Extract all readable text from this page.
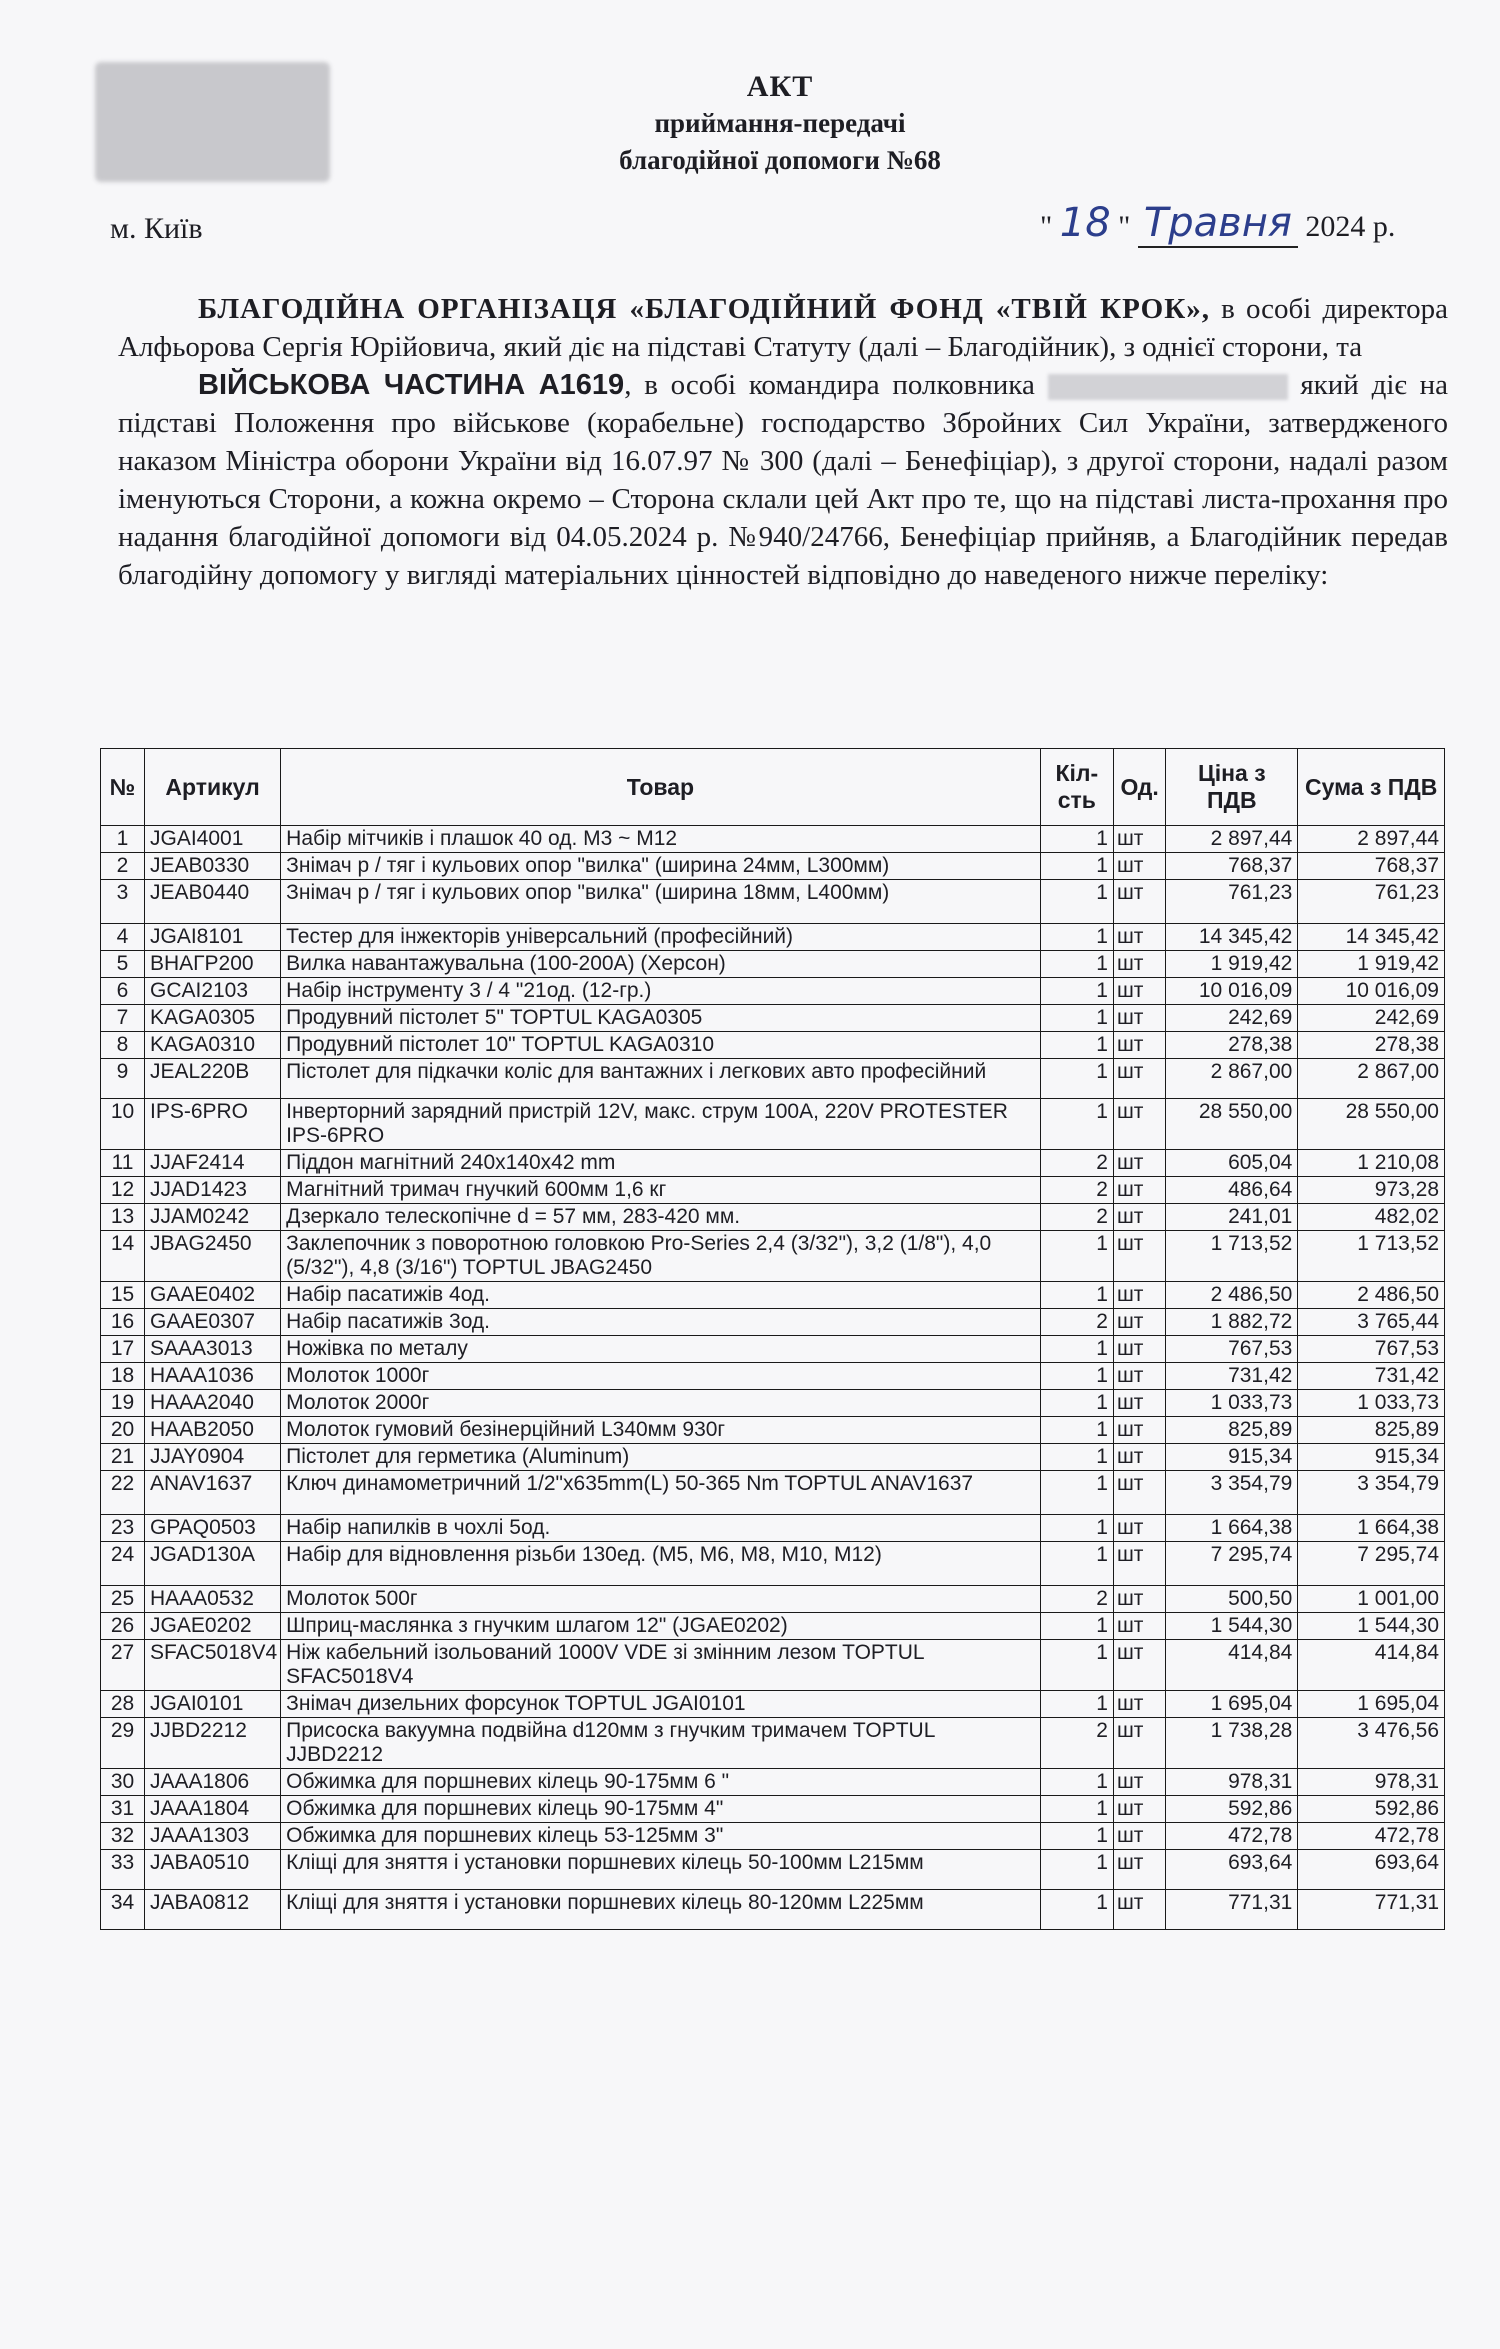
АКТ
приймання-передачі
благодійної допомоги №68
м. Київ	" 18 " Травня 2024 р.

БЛАГОДІЙНА ОРГАНІЗАЦЯ «БЛАГОДІЙНИЙ ФОНД «ТВІЙ КРОК», в особі директора Алфьорова Сергія Юрійовича, який діє на підставі Статуту (далі – Благодійник), з однієї сторони, та

ВІЙСЬКОВА ЧАСТИНА А1619, в особі командира полковника	який діє на підставі Положення про військове (корабельне) господарство Збройних Сил України, затвердженого наказом Міністра оборони України від 16.07.97 № 300 (далі – Бенефіціар), з другої сторони, надалі разом іменуються Сторони, а кожна окремо – Сторона склали цей Акт про те, що на підставі листа-прохання про надання благодійної допомоги від 04.05.2024 р. №940/24766, Бенефіціар прийняв, а Благодійник передав благодійну допомогу у вигляді матеріальних цінностей відповідно до наведеного нижче переліку:

№	Артикул	Товар	Кіл-сть	Од.	Ціна з ПДВ	Сума з ПДВ
1	JGAI4001	Набір мітчиків і плашок 40 од. М3 ~ М12	1	шт	2 897,44	2 897,44
2	JEAB0330	Знімач р / тяг і кульових опор "вилка" (ширина 24мм, L300мм)	1	шт	768,37	768,37
3	JEAB0440	Знімач р / тяг і кульових опор "вилка" (ширина 18мм, L400мм)	1	шт	761,23	761,23
4	JGAI8101	Тестер для інжекторів універсальний (професійний)	1	шт	14 345,42	14 345,42
5	ВНАГР200	Вилка навантажувальна (100-200А) (Херсон)	1	шт	1 919,42	1 919,42
6	GCAI2103	Набір інструменту 3 / 4 "21од. (12-гр.)	1	шт	10 016,09	10 016,09
7	KAGA0305	Продувний пістолет 5" TOPTUL KAGA0305	1	шт	242,69	242,69
8	KAGA0310	Продувний пістолет 10" TOPTUL KAGA0310	1	шт	278,38	278,38
9	JEAL220B	Пістолет для підкачки коліс для вантажних і легкових авто професійний	1	шт	2 867,00	2 867,00
10	IPS-6PRO	Інверторний зарядний пристрій 12V, макс. струм 100А, 220V PROTESTER IPS-6PRO	1	шт	28 550,00	28 550,00
11	JJAF2414	Піддон магнітний 240х140х42 mm	2	шт	605,04	1 210,08
12	JJAD1423	Магнітний тримач гнучкий 600мм 1,6 кг	2	шт	486,64	973,28
13	JJAM0242	Дзеркало телескопічне d = 57 мм, 283-420 мм.	2	шт	241,01	482,02
14	JBAG2450	Заклепочник з поворотною головкою Pro-Series 2,4 (3/32"), 3,2 (1/8"), 4,0 (5/32"), 4,8 (3/16") TOPTUL JBAG2450	1	шт	1 713,52	1 713,52
15	GAAE0402	Набір пасатижів 4од.	1	шт	2 486,50	2 486,50
16	GAAE0307	Набір пасатижів 3од.	2	шт	1 882,72	3 765,44
17	SAAA3013	Ножівка по металу	1	шт	767,53	767,53
18	HAAA1036	Молоток 1000г	1	шт	731,42	731,42
19	HAAA2040	Молоток 2000г	1	шт	1 033,73	1 033,73
20	HAAB2050	Молоток гумовий безінерційний L340мм 930г	1	шт	825,89	825,89
21	JJAY0904	Пістолет для герметика (Aluminum)	1	шт	915,34	915,34
22	ANAV1637	Ключ динамометричний 1/2"x635mm(L) 50-365 Nm TOPTUL ANAV1637	1	шт	3 354,79	3 354,79
23	GPAQ0503	Набір напилків в чохлі 5од.	1	шт	1 664,38	1 664,38
24	JGAD130A	Набір для відновлення різьби 130ед. (M5, M6, M8, M10, M12)	1	шт	7 295,74	7 295,74
25	HAAA0532	Молоток 500г	2	шт	500,50	1 001,00
26	JGAE0202	Шприц-маслянка з гнучким шлагом 12" (JGAE0202)	1	шт	1 544,30	1 544,30
27	SFAC5018V4	Ніж кабельний ізольований 1000V VDE зі змінним лезом TOPTUL SFAC5018V4	1	шт	414,84	414,84
28	JGAI0101	Знімач дизельних форсунок TOPTUL JGAI0101	1	шт	1 695,04	1 695,04
29	JJBD2212	Присоска вакуумна подвійна d120мм з гнучким тримачем TOPTUL JJBD2212	2	шт	1 738,28	3 476,56
30	JAAA1806	Обжимка для поршневих кілець 90-175мм 6 "	1	шт	978,31	978,31
31	JAAA1804	Обжимка для поршневих кілець 90-175мм 4"	1	шт	592,86	592,86
32	JAAA1303	Обжимка для поршневих кілець 53-125мм 3"	1	шт	472,78	472,78
33	JABA0510	Кліщі для зняття і установки поршневих кілець 50-100мм L215мм	1	шт	693,64	693,64
34	JABA0812	Кліщі для зняття і установки поршневих кілець 80-120мм L225мм	1	шт	771,31	771,31
